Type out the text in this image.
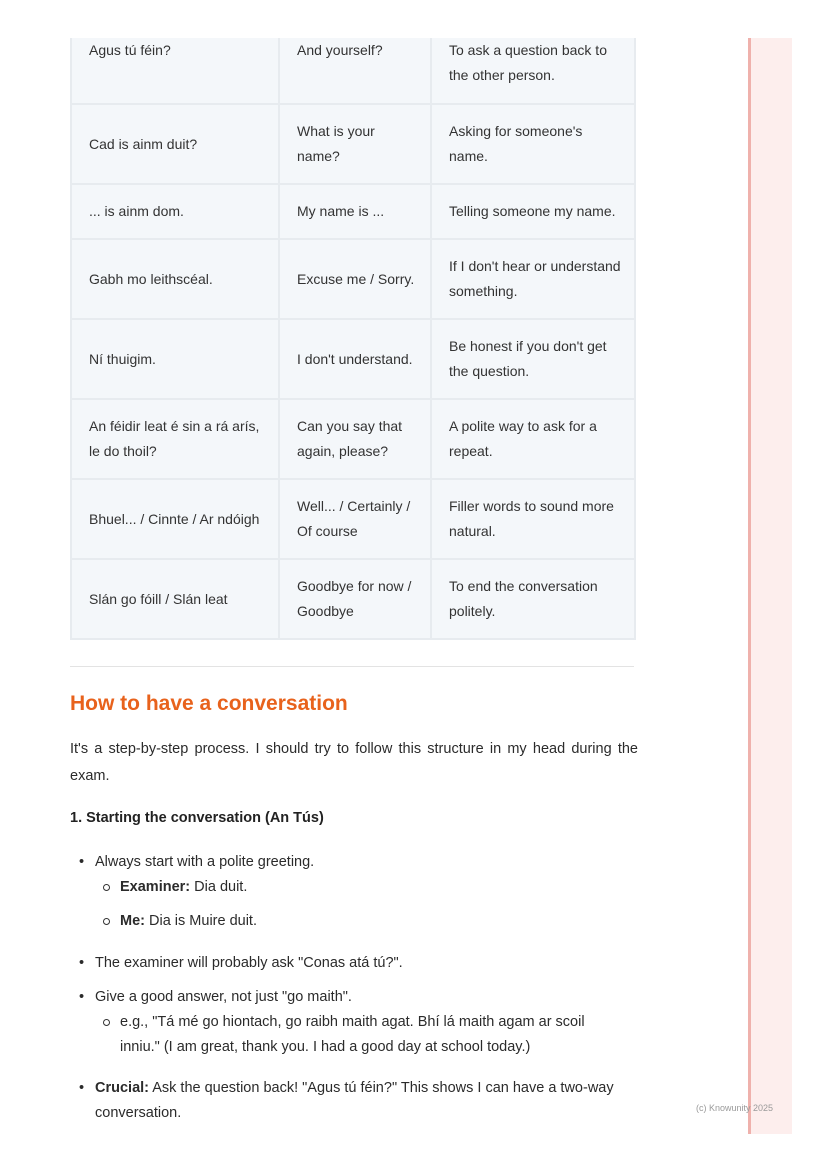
Agus tú féin?	And yourself?	To ask a question back to the other person.
Cad is ainm duit?	What is your name?	Asking for someone's name.
... is ainm dom.	My name is ...	Telling someone my name.
Gabh mo leithscéal.	Excuse me / Sorry.	If I don't hear or understand something.
Ní thuigim.	I don't understand.	Be honest if you don't get the question.
An féidir leat é sin a rá arís, le do thoil?	Can you say that again, please?	A polite way to ask for a repeat.
Bhuel... / Cinnte / Ar ndóigh	Well... / Certainly / Of course	Filler words to sound more natural.
Slán go fóill / Slán leat	Goodbye for now / Goodbye	To end the conversation politely.
How to have a conversation

It's a step-by-step process. I should try to follow this structure in my head during the exam.

1. Starting the conversation (An Tús)
• Always start with a polite greeting.
Examiner: Dia duit.
Me: Dia is Muire duit.
• The examiner will probably ask "Conas atá tú?".
• Give a good answer, not just "go maith".
e.g., "Tá mé go hiontach, go raibh maith agat. Bhí lá maith agam ar scoil
inniu." (I am great, thank you. I had a good day at school today.)
• Crucial: Ask the question back! "Agus tú féin?" This shows I can have a two-way
conversation.	(c) Knowunity 2025
